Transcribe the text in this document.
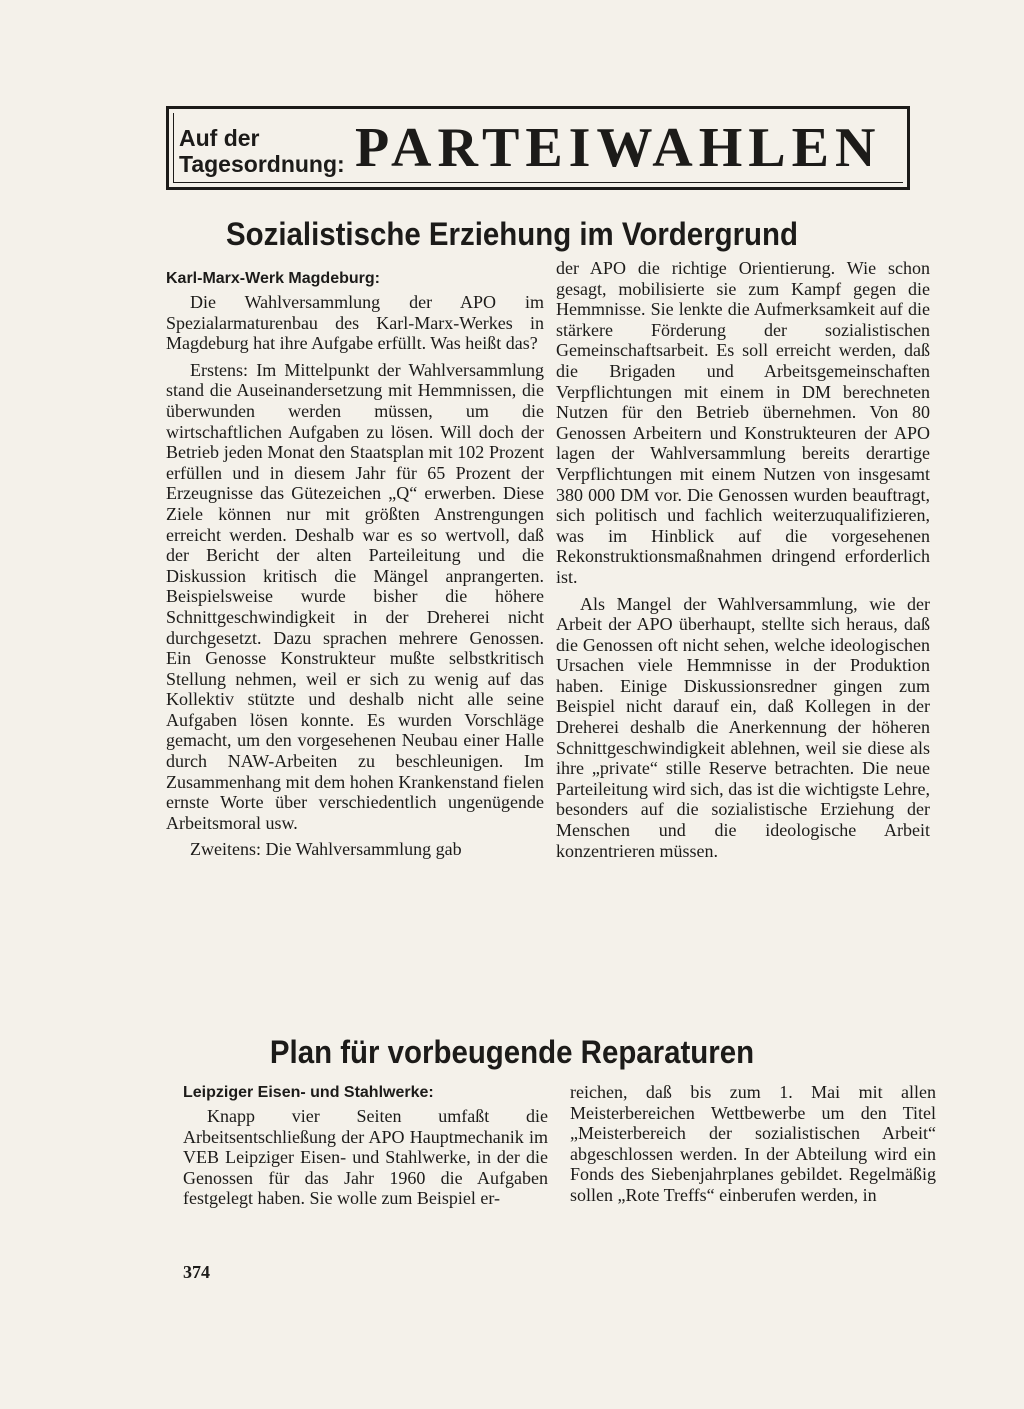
Auf der Tagesordnung: PARTEIWAHLEN
Sozialistische Erziehung im Vordergrund
Karl-Marx-Werk Magdeburg:

Die Wahlversammlung der APO im Spezialarmaturenbau des Karl-Marx-Werkes in Magdeburg hat ihre Aufgabe erfüllt. Was heißt das?

Erstens: Im Mittelpunkt der Wahlversammlung stand die Auseinandersetzung mit Hemmnissen, die überwunden werden müssen, um die wirtschaftlichen Aufgaben zu lösen. Will doch der Betrieb jeden Monat den Staatsplan mit 102 Prozent erfüllen und in diesem Jahr für 65 Prozent der Erzeugnisse das Gütezeichen „Q“ erwerben. Diese Ziele können nur mit größten Anstrengungen erreicht werden. Deshalb war es so wertvoll, daß der Bericht der alten Parteileitung und die Diskussion kritisch die Mängel anprangerten. Beispielsweise wurde bisher die höhere Schnittgeschwindigkeit in der Dreherei nicht durchgesetzt. Dazu sprachen mehrere Genossen. Ein Genosse Konstrukteur mußte selbstkritisch Stellung nehmen, weil er sich zu wenig auf das Kollektiv stützte und deshalb nicht alle seine Aufgaben lösen konnte. Es wurden Vorschläge gemacht, um den vorgesehenen Neubau einer Halle durch NAW-Arbeiten zu beschleunigen. Im Zusammenhang mit dem hohen Krankenstand fielen ernste Worte über verschiedentlich ungenügende Arbeitsmoral usw.

Zweitens: Die Wahlversammlung gab

der APO die richtige Orientierung. Wie schon gesagt, mobilisierte sie zum Kampf gegen die Hemmnisse. Sie lenkte die Aufmerksamkeit auf die stärkere Förderung der sozialistischen Gemeinschaftsarbeit. Es soll erreicht werden, daß die Brigaden und Arbeitsgemeinschaften Verpflichtungen mit einem in DM berechneten Nutzen für den Betrieb übernehmen. Von 80 Genossen Arbeitern und Konstrukteuren der APO lagen der Wahlversammlung bereits derartige Verpflichtungen mit einem Nutzen von insgesamt 380 000 DM vor. Die Genossen wurden beauftragt, sich politisch und fachlich weiterzuqualifizieren, was im Hinblick auf die vorgesehenen Rekonstruktionsmaßnahmen dringend erforderlich ist.

Als Mangel der Wahlversammlung, wie der Arbeit der APO überhaupt, stellte sich heraus, daß die Genossen oft nicht sehen, welche ideologischen Ursachen viele Hemmnisse in der Produktion haben. Einige Diskussionsredner gingen zum Beispiel nicht darauf ein, daß Kollegen in der Dreherei deshalb die Anerkennung der höheren Schnittgeschwindigkeit ablehnen, weil sie diese als ihre „private“ stille Reserve betrachten. Die neue Parteileitung wird sich, das ist die wichtigste Lehre, besonders auf die sozialistische Erziehung der Menschen und die ideologische Arbeit konzentrieren müssen.

Plan für vorbeugende Reparaturen
Leipziger Eisen- und Stahlwerke:

Knapp vier Seiten umfaßt die Arbeitsentschließung der APO Hauptmechanik im VEB Leipziger Eisen- und Stahlwerke, in der die Genossen für das Jahr 1960 die Aufgaben festgelegt haben. Sie wolle zum Beispiel er-

reichen, daß bis zum 1. Mai mit allen Meisterbereichen Wettbewerbe um den Titel „Meisterbereich der sozialistischen Arbeit“ abgeschlossen werden. In der Abteilung wird ein Fonds des Siebenjahrplanes gebildet. Regelmäßig sollen „Rote Treffs“ einberufen werden, in

374
